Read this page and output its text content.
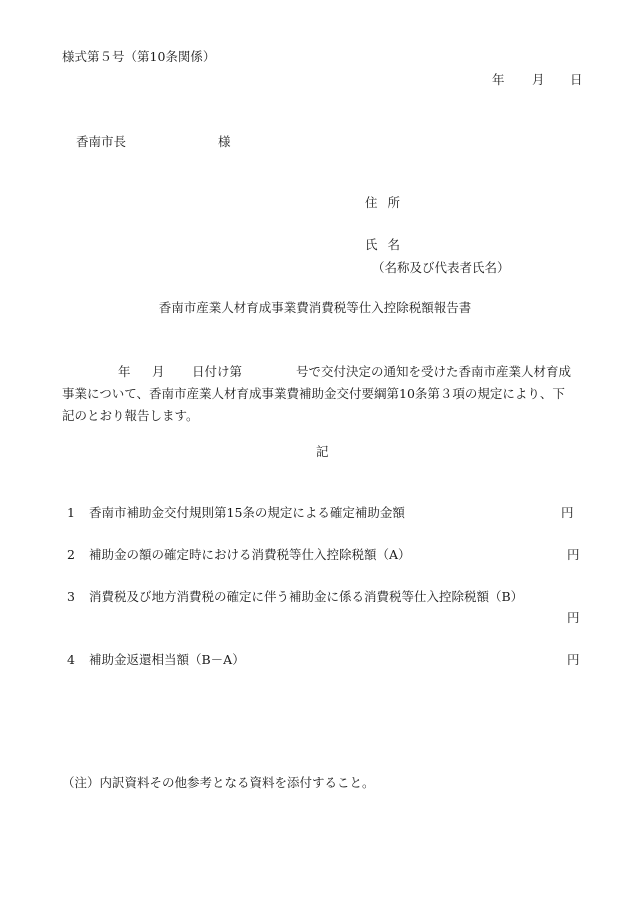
様式第５号（第10条関係）
年 月 日
香南市長	様
住所
氏名
（名称及び代表者氏名）
香南市産業人材育成事業費消費税等仕入控除税額報告書
年 月 日付け第	号で交付決定の通知を受けた香南市産業人材育成
事業について、香南市産業人材育成事業費補助金交付要綱第10条第３項の規定により、下
記のとおり報告します。
記
1 香南市補助金交付規則第15条の規定による確定補助金額	円
2 補助金の額の確定時における消費税等仕入控除税額（A）	円
3 消費税及び地方消費税の確定に伴う補助金に係る消費税等仕入控除税額（B）
円
4 補助金返還相当額（B－A）	円
（注）内訳資料その他参考となる資料を添付すること。
